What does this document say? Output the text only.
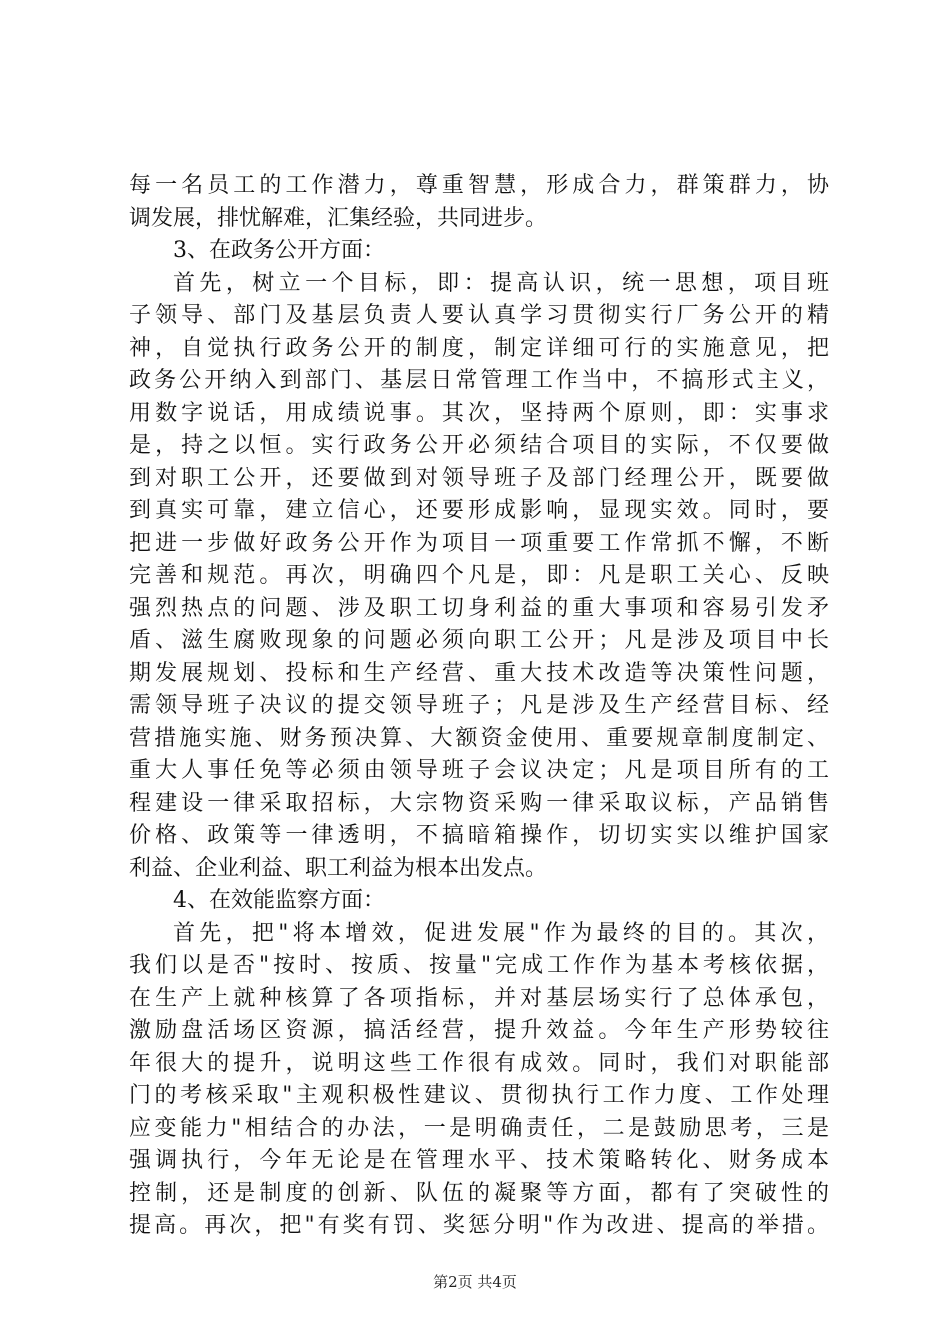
每一名员工的工作潜力，尊重智慧，形成合力，群策群力，协
调发展，排忧解难，汇集经验，共同进步。
3、在政务公开方面：
首先，树立一个目标，即：提高认识，统一思想，项目班
子领导、部门及基层负责人要认真学习贯彻实行厂务公开的精
神，自觉执行政务公开的制度，制定详细可行的实施意见，把
政务公开纳入到部门、基层日常管理工作当中，不搞形式主义，
用数字说话，用成绩说事。其次，坚持两个原则，即：实事求
是，持之以恒。实行政务公开必须结合项目的实际，不仅要做
到对职工公开，还要做到对领导班子及部门经理公开，既要做
到真实可靠，建立信心，还要形成影响，显现实效。同时，要
把进一步做好政务公开作为项目一项重要工作常抓不懈，不断
完善和规范。再次，明确四个凡是，即：凡是职工关心、反映
强烈热点的问题、涉及职工切身利益的重大事项和容易引发矛
盾、滋生腐败现象的问题必须向职工公开；凡是涉及项目中长
期发展规划、投标和生产经营、重大技术改造等决策性问题，
需领导班子决议的提交领导班子；凡是涉及生产经营目标、经
营措施实施、财务预决算、大额资金使用、重要规章制度制定、
重大人事任免等必须由领导班子会议决定；凡是项目所有的工
程建设一律采取招标，大宗物资采购一律采取议标，产品销售
价格、政策等一律透明，不搞暗箱操作，切切实实以维护国家
利益、企业利益、职工利益为根本出发点。
4、在效能监察方面：
首先，把"将本增效，促进发展"作为最终的目的。其次，
我们以是否"按时、按质、按量"完成工作作为基本考核依据，
在生产上就种核算了各项指标，并对基层场实行了总体承包，
激励盘活场区资源，搞活经营，提升效益。今年生产形势较往
年很大的提升，说明这些工作很有成效。同时，我们对职能部
门的考核采取"主观积极性建议、贯彻执行工作力度、工作处理
应变能力"相结合的办法，一是明确责任，二是鼓励思考，三是
强调执行，今年无论是在管理水平、技术策略转化、财务成本
控制，还是制度的创新、队伍的凝聚等方面，都有了突破性的
提高。再次，把"有奖有罚、奖惩分明"作为改进、提高的举措。
第2页 共4页
